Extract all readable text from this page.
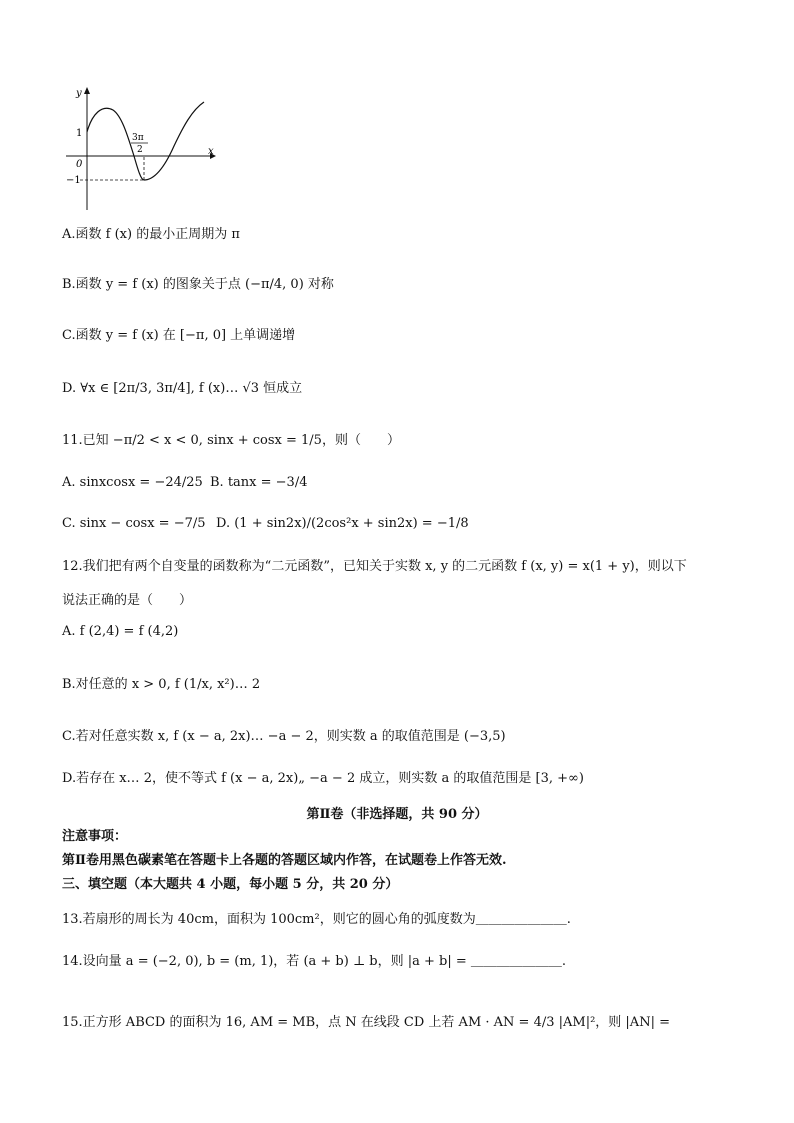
y
x
0
1
−1
3π
2
A.函数 f (x) 的最小正周期为 π
B.函数 y = f (x) 的图象关于点 (−π/4, 0) 对称
C.函数 y = f (x) 在 [−π, 0] 上单调递增
D. ∀x ∈ [2π/3, 3π/4], f (x)… √3 恒成立
11.已知 −π/2 < x < 0, sinx + cosx = 1/5，则（　　）
A. sinxcosx = −24/25 B. tanx = −3/4
C. sinx − cosx = −7/5 D. (1 + sin2x)/(2cos²x + sin2x) = −1/8
12.我们把有两个自变量的函数称为“二元函数”，已知关于实数 x, y 的二元函数 f (x, y) = x(1 + y)，则以下
说法正确的是（　　）
A. f (2,4) = f (4,2)
B.对任意的 x > 0, f (1/x, x²)… 2
C.若对任意实数 x, f (x − a, 2x)… −a − 2，则实数 a 的取值范围是 (−3,5)
D.若存在 x… 2，使不等式 f (x − a, 2x)„ −a − 2 成立，则实数 a 的取值范围是 [3, +∞)
第Ⅱ卷（非选择题，共 90 分）
注意事项：
第Ⅱ卷用黑色碳素笔在答题卡上各题的答题区域内作答，在试题卷上作答无效.
三、填空题（本大题共 4 小题，每小题 5 分，共 20 分）
13.若扇形的周长为 40cm，面积为 100cm²，则它的圆心角的弧度数为＿＿＿＿＿＿＿.
14.设向量 a = (−2, 0), b = (m, 1)，若 (a + b) ⊥ b，则 |a + b| = ＿＿＿＿＿＿＿.
15.正方形 ABCD 的面积为 16, AM = MB，点 N 在线段 CD 上若 AM · AN = 4/3 |AM|²，则 |AN| =
